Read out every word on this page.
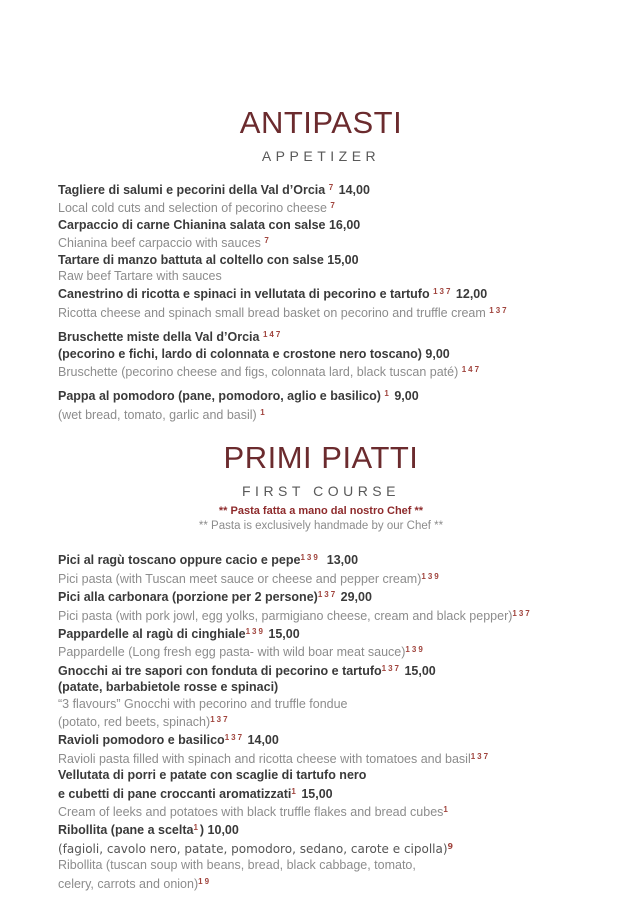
ANTIPASTI
APPETIZER
Tagliere di salumi e pecorini della Val d’Orcia $^7$ 14,00
Local cold cuts and selection of pecorino cheese $^7$
Carpaccio di carne Chianina salata con salse 16,00
Chianina beef carpaccio with sauces $^7$
Tartare di manzo battuta al coltello con salse 15,00
Raw beef Tartare with sauces
Canestrino di ricotta e spinaci in vellutata di pecorino e tartufo $^{137}$ 12,00
Ricotta cheese and spinach small bread basket on pecorino and truffle cream $^{137}$
Bruschette miste della Val d’Orcia $^{147}$
(pecorino e fichi, lardo di colonnata e crostone nero toscano) 9,00
Bruschette (pecorino cheese and figs, colonnata lard, black tuscan paté) $^{147}$
Pappa al pomodoro (pane, pomodoro, aglio e basilico) $^1$ 9,00
(wet bread, tomato, garlic and basil) $^1$
PRIMI PIATTI
FIRST COURSE
** Pasta fatta a mano dal nostro Chef **
** Pasta is exclusively handmade by our Chef **
Pici al ragù toscano oppure cacio e pepe$^{139}$  13,00
Pici pasta (with Tuscan meet sauce or cheese and pepper cream)$^{139}$
Pici alla carbonara (porzione per 2 persone)$^{137}$ 29,00
Pici pasta (with pork jowl, egg yolks, parmigiano cheese, cream and black pepper)$^{137}$
Pappardelle al ragù di cinghiale$^{139}$ 15,00
Pappardelle (Long fresh egg pasta- with wild boar meat sauce)$^{139}$
Gnocchi ai tre sapori con fonduta di pecorino e tartufo$^{137}$ 15,00
(patate, barbabietole rosse e spinaci)
“3 flavours” Gnocchi with pecorino and truffle fondue
(potato, red beets, spinach)$^{137}$
Ravioli pomodoro e basilico$^{137}$ 14,00
Ravioli pasta filled with spinach and ricotta cheese with tomatoes and basil$^{137}$
Vellutata di porri e patate con scaglie di tartufo nero
e cubetti di pane croccanti aromatizzati$^1$ 15,00
Cream of leeks and potatoes with black truffle flakes and bread cubes$^1$
Ribollita (pane a scelta$^1$) 10,00
(fagioli, cavolo nero, patate, pomodoro, sedano, carote e cipolla)$^9$
Ribollita (tuscan soup with beans, bread, black cabbage, tomato,
celery, carrots and onion)$^{19}$
